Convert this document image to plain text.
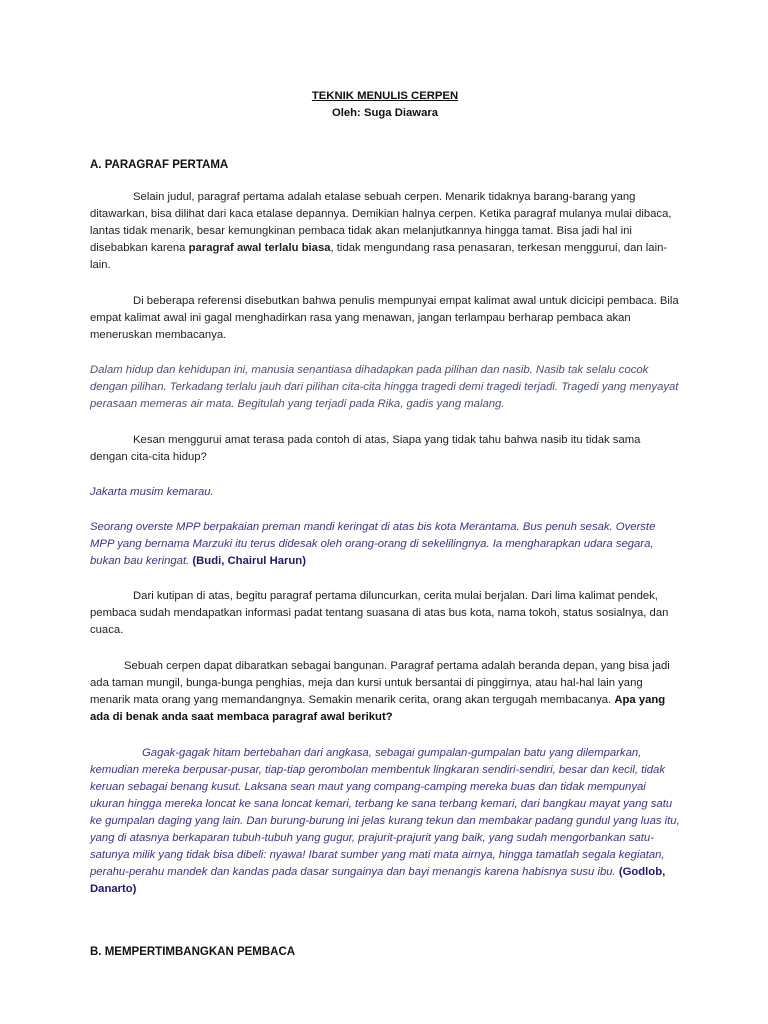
TEKNIK MENULIS CERPEN

Oleh: Suga Diawara

A. PARAGRAF PERTAMA

Selain judul, paragraf pertama adalah etalase sebuah cerpen. Menarik tidaknya barang-barang yang ditawarkan, bisa dilihat dari kaca etalase depannya. Demikian halnya cerpen. Ketika paragraf mulanya mulai dibaca, lantas tidak menarik, besar kemungkinan pembaca tidak akan melanjutkannya hingga tamat. Bisa jadi hal ini disebabkan karena paragraf awal terlalu biasa, tidak mengundang rasa penasaran, terkesan menggurui, dan lain-lain.

Di beberapa referensi disebutkan bahwa penulis mempunyai empat kalimat awal untuk dicicipi pembaca. Bila empat kalimat awal ini gagal menghadirkan rasa yang menawan, jangan terlampau berharap pembaca akan meneruskan membacanya.

Dalam hidup dan kehidupan ini, manusia senantiasa dihadapkan pada pilihan dan nasib. Nasib tak selalu cocok dengan pilihan. Terkadang terlalu jauh dari pilihan cita-cita hingga tragedi demi tragedi terjadi. Tragedi yang menyayat perasaan memeras air mata. Begitulah yang terjadi pada Rika, gadis yang malang.

Kesan menggurui amat terasa pada contoh di atas, Siapa yang tidak tahu bahwa nasib itu tidak sama dengan cita-cita hidup?

Jakarta musim kemarau.

Seorang overste MPP berpakaian preman mandi keringat di atas bis kota Merantama. Bus penuh sesak. Overste MPP yang bernama Marzuki itu terus didesak oleh orang-orang di sekelilingnya. Ia mengharapkan udara segara, bukan bau keringat. (Budi, Chairul Harun)

Dari kutipan di atas, begitu paragraf pertama diluncurkan, cerita mulai berjalan. Dari lima kalimat pendek, pembaca sudah mendapatkan informasi padat tentang suasana di atas bus kota, nama tokoh, status sosialnya, dan cuaca.

Sebuah cerpen dapat dibaratkan sebagai bangunan. Paragraf pertama adalah beranda depan, yang bisa jadi ada taman mungil, bunga-bunga penghias, meja dan kursi untuk bersantai di pinggirnya, atau hal-hal lain yang menarik mata orang yang memandangnya. Semakin menarik cerita, orang akan tergugah membacanya. Apa yang ada di benak anda saat membaca paragraf awal berikut?

Gagak-gagak hitam bertebahan dari angkasa, sebagai gumpalan-gumpalan batu yang dilemparkan, kemudian mereka berpusar-pusar, tiap-tiap gerombolan membentuk lingkaran sendiri-sendiri, besar dan kecil, tidak keruan sebagai benang kusut. Laksana sean maut yang compang-camping mereka buas dan tidak mempunyai ukuran hingga mereka loncat ke sana loncat kemari, terbang ke sana terbang kemari, dari bangkau mayat yang satu ke gumpalan daging yang lain. Dan burung-burung ini jelas kurang tekun dan membakar padang gundul yang luas itu, yang di atasnya berkaparan tubuh-tubuh yang gugur, prajurit-prajurit yang baik, yang sudah mengorbankan satu-satunya milik yang tidak bisa dibeli: nyawa! Ibarat sumber yang mati mata airnya, hingga tamatlah segala kegiatan, perahu-perahu mandek dan kandas pada dasar sungainya dan bayi menangis karena habisnya susu ibu. (Godlob, Danarto)

B. MEMPERTIMBANGKAN PEMBACA
